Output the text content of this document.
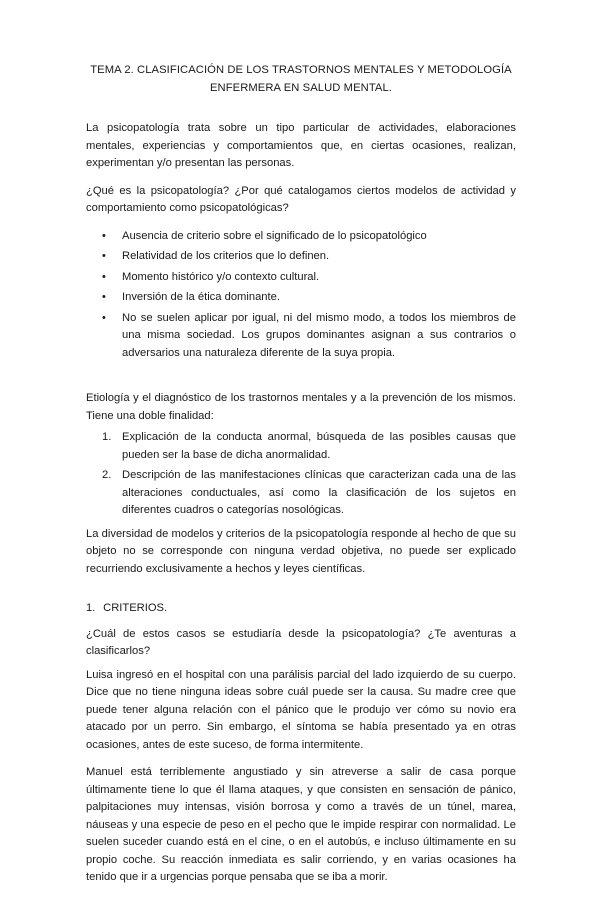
TEMA 2. CLASIFICACIÓN DE LOS TRASTORNOS MENTALES Y METODOLOGÍA
ENFERMERA EN SALUD MENTAL.

La psicopatología trata sobre un tipo particular de actividades, elaboraciones mentales, experiencias y comportamientos que, en ciertas ocasiones, realizan, experimentan y/o presentan las personas.

¿Qué es la psicopatología? ¿Por qué catalogamos ciertos modelos de actividad y comportamiento como psicopatológicas?

• Ausencia de criterio sobre el significado de lo psicopatológico
• Relatividad de los criterios que lo definen.
• Momento histórico y/o contexto cultural.
• Inversión de la ética dominante.
• No se suelen aplicar por igual, ni del mismo modo, a todos los miembros de una misma sociedad. Los grupos dominantes asignan a sus contrarios o adversarios una naturaleza diferente de la suya propia.

Etiología y el diagnóstico de los trastornos mentales y a la prevención de los mismos. Tiene una doble finalidad:

1. Explicación de la conducta anormal, búsqueda de las posibles causas que pueden ser la base de dicha anormalidad.
2. Descripción de las manifestaciones clínicas que caracterizan cada una de las alteraciones conductuales, así como la clasificación de los sujetos en diferentes cuadros o categorías nosológicas.

La diversidad de modelos y criterios de la psicopatología responde al hecho de que su objeto no se corresponde con ninguna verdad objetiva, no puede ser explicado recurriendo exclusivamente a hechos y leyes científicas.

1. CRITERIOS.

¿Cuál de estos casos se estudiaría desde la psicopatología? ¿Te aventuras a clasificarlos?

Luisa ingresó en el hospital con una parálisis parcial del lado izquierdo de su cuerpo. Dice que no tiene ninguna ideas sobre cuál puede ser la causa. Su madre cree que puede tener alguna relación con el pánico que le produjo ver cómo su novio era atacado por un perro. Sin embargo, el síntoma se había presentado ya en otras ocasiones, antes de este suceso, de forma intermitente.

Manuel está terriblemente angustiado y sin atreverse a salir de casa porque últimamente tiene lo que él llama ataques, y que consisten en sensación de pánico, palpitaciones muy intensas, visión borrosa y como a través de un túnel, marea, náuseas y una especie de peso en el pecho que le impide respirar con normalidad. Le suelen suceder cuando está en el cine, o en el autobús, e incluso últimamente en su propio coche. Su reacción inmediata es salir corriendo, y en varias ocasiones ha tenido que ir a urgencias porque pensaba que se iba a morir.
